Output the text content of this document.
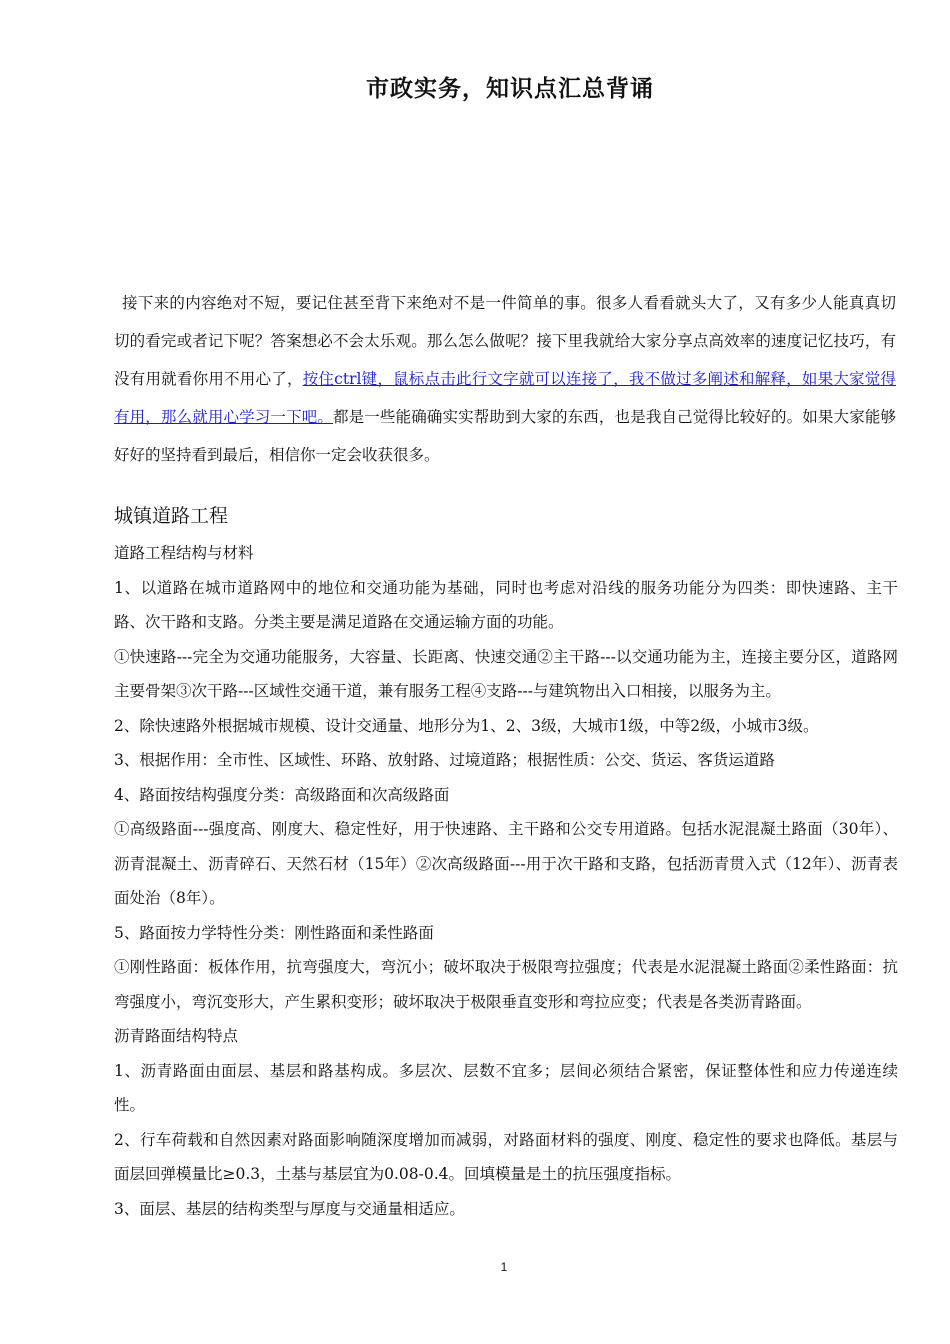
市政实务，知识点汇总背诵
接下来的内容绝对不短，要记住甚至背下来绝对不是一件简单的事。很多人看看就头大了，又有多少人能真真切切的看完或者记下呢？答案想必不会太乐观。那么怎么做呢？接下里我就给大家分享点高效率的速度记忆技巧，有没有用就看你用不用心了，按住ctrl键，鼠标点击此行文字就可以连接了，我不做过多阐述和解释，如果大家觉得有用，那么就用心学习一下吧。都是一些能确确实实帮助到大家的东西，也是我自己觉得比较好的。如果大家能够好好的坚持看到最后，相信你一定会收获很多。
城镇道路工程

道路工程结构与材料

1、以道路在城市道路网中的地位和交通功能为基础，同时也考虑对沿线的服务功能分为四类：即快速路、主干路、次干路和支路。分类主要是满足道路在交通运输方面的功能。

①快速路---完全为交通功能服务，大容量、长距离、快速交通②主干路---以交通功能为主，连接主要分区，道路网主要骨架③次干路---区域性交通干道，兼有服务工程④支路---与建筑物出入口相接，以服务为主。

2、除快速路外根据城市规模、设计交通量、地形分为1、2、3级，大城市1级，中等2级，小城市3级。

3、根据作用：全市性、区域性、环路、放射路、过境道路；根据性质：公交、货运、客货运道路

4、路面按结构强度分类：高级路面和次高级路面

①高级路面---强度高、刚度大、稳定性好，用于快速路、主干路和公交专用道路。包括水泥混凝土路面（30年）、沥青混凝土、沥青碎石、天然石材（15年）②次高级路面---用于次干路和支路，包括沥青贯入式（12年）、沥青表面处治（8年）。

5、路面按力学特性分类：刚性路面和柔性路面

①刚性路面：板体作用，抗弯强度大，弯沉小；破坏取决于极限弯拉强度；代表是水泥混凝土路面②柔性路面：抗弯强度小，弯沉变形大，产生累积变形；破坏取决于极限垂直变形和弯拉应变；代表是各类沥青路面。

沥青路面结构特点

1、沥青路面由面层、基层和路基构成。多层次、层数不宜多；层间必须结合紧密，保证整体性和应力传递连续性。

2、行车荷载和自然因素对路面影响随深度增加而减弱，对路面材料的强度、刚度、稳定性的要求也降低。基层与面层回弹模量比≥0.3，土基与基层宜为0.08-0.4。回填模量是土的抗压强度指标。

3、面层、基层的结构类型与厚度与交通量相适应。

1
